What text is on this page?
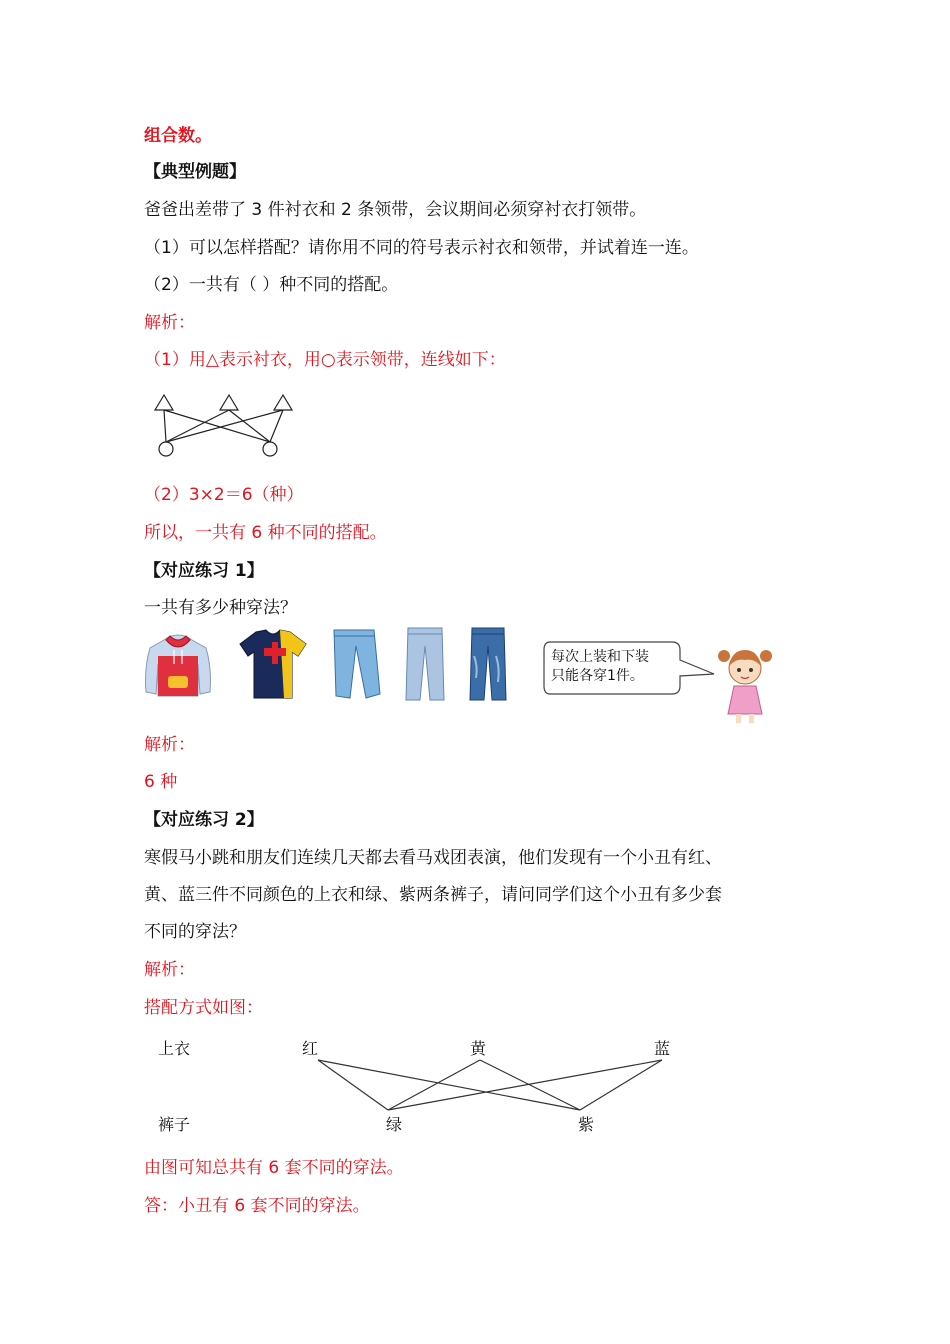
组合数。
【典型例题】
爸爸出差带了 3 件衬衣和 2 条领带，会议期间必须穿衬衣打领带。
（1）可以怎样搭配？请你用不同的符号表示衬衣和领带，并试着连一连。
（2）一共有（ ）种不同的搭配。
解析：
（1）用△表示衬衣，用○表示领带，连线如下：
（2）3×2＝6（种）
所以，一共有 6 种不同的搭配。
【对应练习 1】
一共有多少种穿法？
每次上装和下装
只能各穿1件。
解析：
6 种
【对应练习 2】
寒假马小跳和朋友们连续几天都去看马戏团表演，他们发现有一个小丑有红、
黄、蓝三件不同颜色的上衣和绿、紫两条裤子，请问同学们这个小丑有多少套
不同的穿法？
解析：
搭配方式如图：
上衣
裤子
红	黄	蓝
绿	紫
由图可知总共有 6 套不同的穿法。
答：小丑有 6 套不同的穿法。
